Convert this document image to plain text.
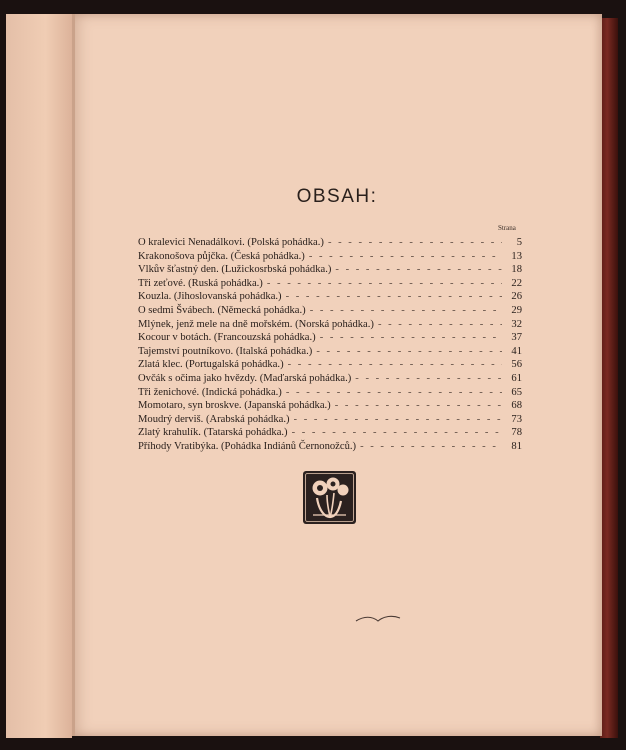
OBSAH:
Strana
O kralevici Nenadálkovi. (Polská pohádka.) - - -	5
Krakonošova půjčka. (Česká pohádka.) - - -	13
Vlkův šťastný den. (Lužickosrbská pohádka.) - - -	18
Tři zeťové. (Ruská pohádka.) - - -	22
Kouzla. (Jihoslovanská pohádka.) - - -	26
O sedmi Švábech. (Německá pohádka.) - - -	29
Mlýnek, jenž mele na dně mořském. (Norská pohádka.) - - -	32
Kocour v botách. (Francouzská pohádka.) - - -	37
Tajemství poutníkovo. (Italská pohádka.) - - -	41
Zlatá klec. (Portugalská pohádka.) - - -	56
Ovčák s očima jako hvězdy. (Maďarská pohádka.) - - -	61
Tři ženichové. (Indická pohádka.) - - -	65
Momotaro, syn broskve. (Japanská pohádka.) - - -	68
Moudrý derviš. (Arabská pohádka.) - - -	73
Zlatý krahulík. (Tatarská pohádka.) - - -	78
Příhody Vratibýka. (Pohádka Indiánů Černonožců.) - - -	81
